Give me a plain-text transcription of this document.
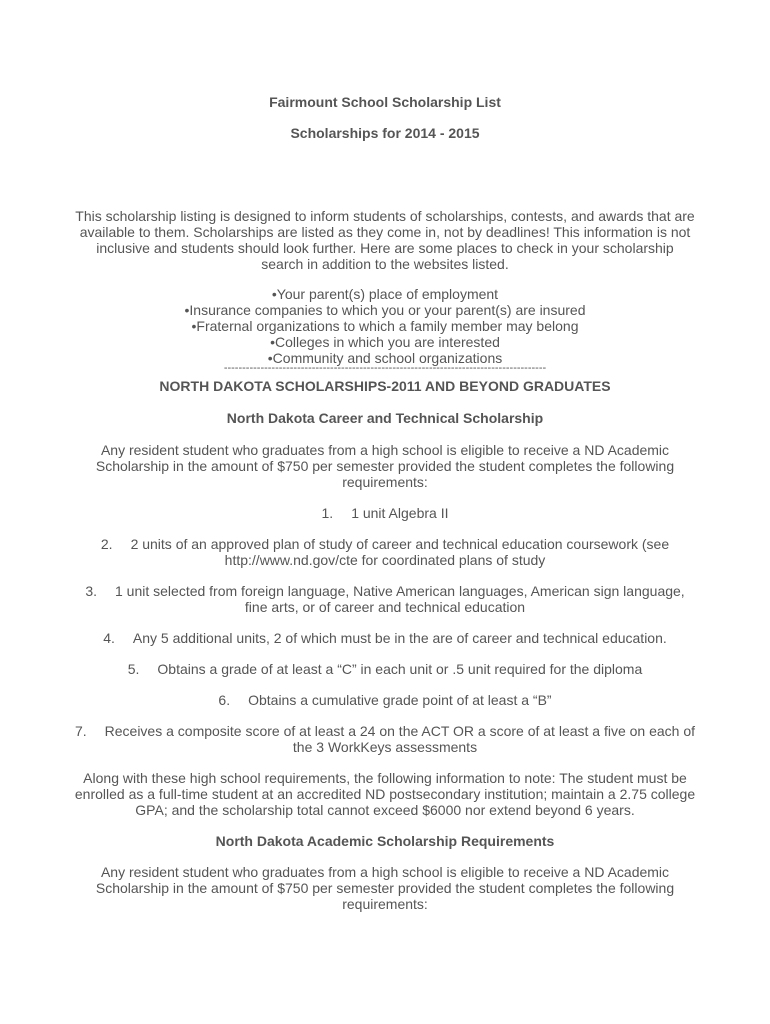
Fairmount School Scholarship List
Scholarships for 2014 - 2015
This scholarship listing is designed to inform students of scholarships, contests, and awards that are
available to them. Scholarships are listed as they come in, not by deadlines! This information is not
inclusive and students should look further. Here are some places to check in your scholarship
search in addition to the websites listed.
•Your parent(s) place of employment
•Insurance companies to which you or your parent(s) are insured
•Fraternal organizations to which a family member may belong
•Colleges in which you are interested
•Community and school organizations
----------------------------------------------------------------------------------------
NORTH DAKOTA SCHOLARSHIPS-2011 AND BEYOND GRADUATES
North Dakota Career and Technical Scholarship
Any resident student who graduates from a high school is eligible to receive a ND Academic
Scholarship in the amount of $750 per semester provided the student completes the following
requirements:
1. 1 unit Algebra II
2. 2 units of an approved plan of study of career and technical education coursework (see
http://www.nd.gov/cte for coordinated plans of study
3. 1 unit selected from foreign language, Native American languages, American sign language,
fine arts, or of career and technical education
4. Any 5 additional units, 2 of which must be in the are of career and technical education.
5. Obtains a grade of at least a “C” in each unit or .5 unit required for the diploma
6. Obtains a cumulative grade point of at least a “B”
7. Receives a composite score of at least a 24 on the ACT OR a score of at least a five on each of
the 3 WorkKeys assessments
Along with these high school requirements, the following information to note: The student must be
enrolled as a full-time student at an accredited ND postsecondary institution; maintain a 2.75 college
GPA; and the scholarship total cannot exceed $6000 nor extend beyond 6 years.
North Dakota Academic Scholarship Requirements
Any resident student who graduates from a high school is eligible to receive a ND Academic
Scholarship in the amount of $750 per semester provided the student completes the following
requirements:
